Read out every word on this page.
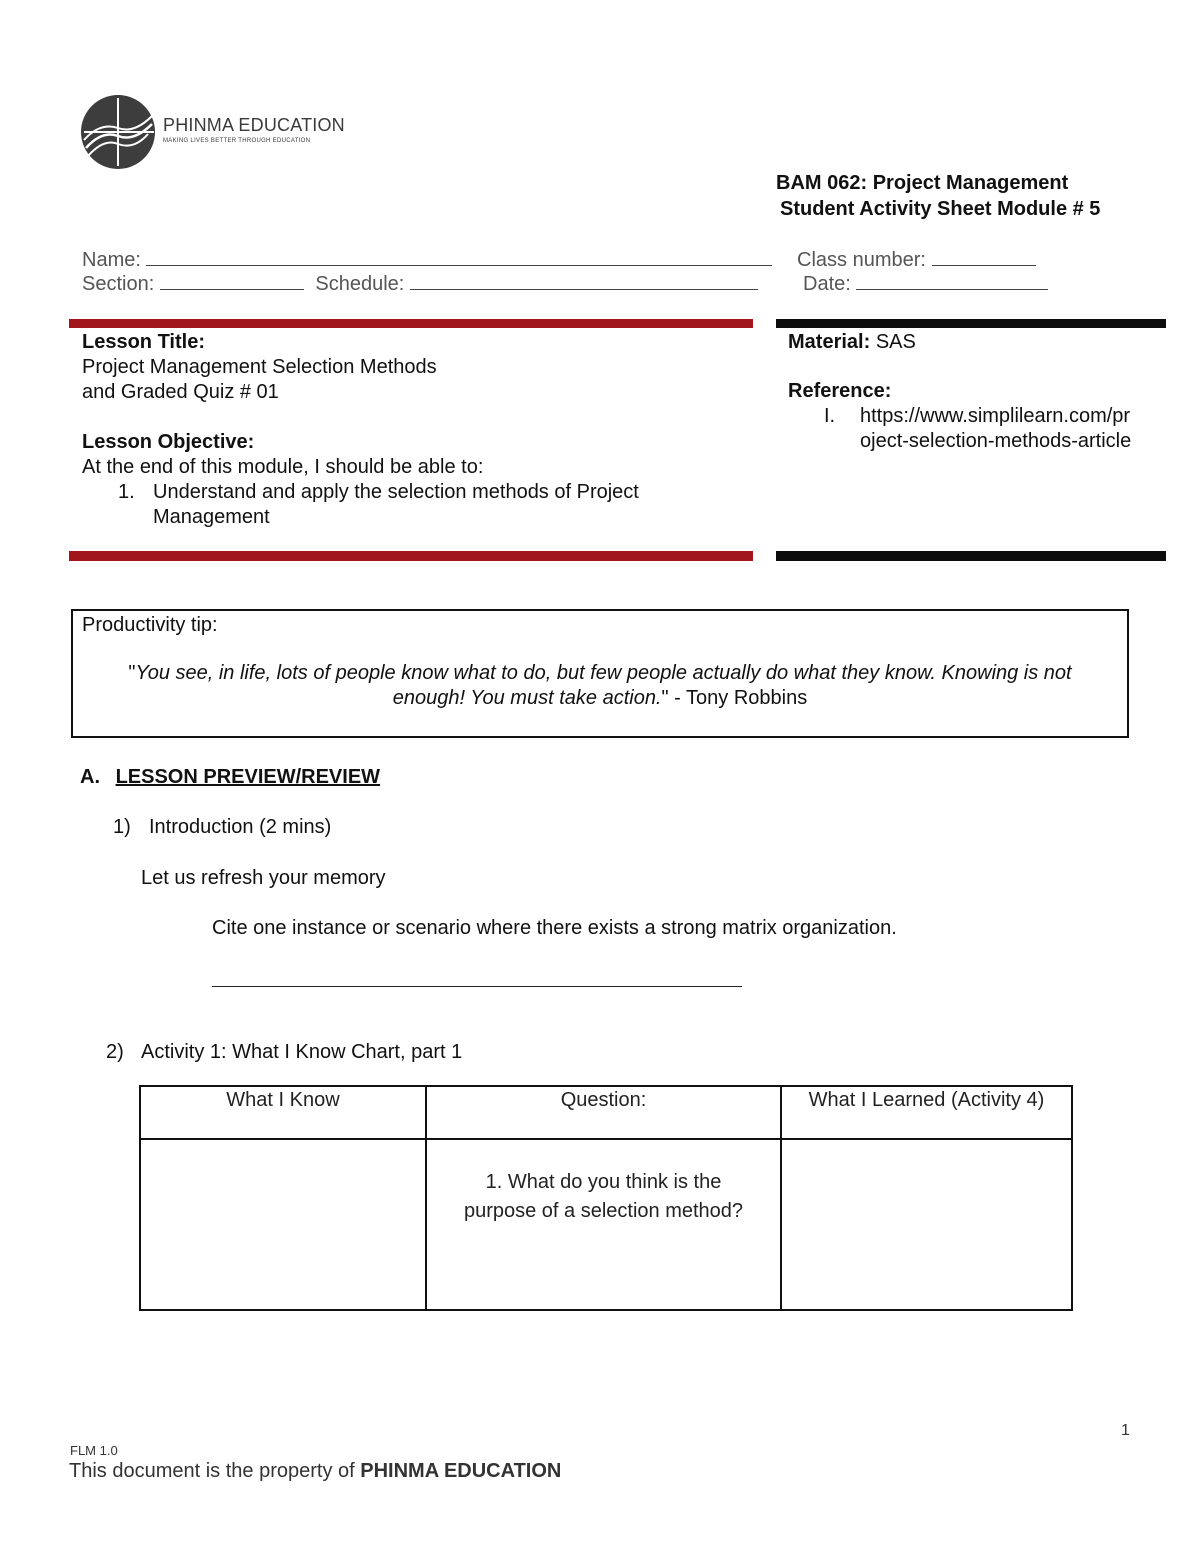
PHINMA EDUCATION
MAKING LIVES BETTER THROUGH EDUCATION
BAM 062: Project Management
Student Activity Sheet Module # 5
Name:	Class number:
Section:	Schedule:	Date:
Lesson Title:
Project Management Selection Methods
and Graded Quiz # 01
Lesson Objective:
At the end of this module, I should be able to:
1. Understand and apply the selection methods of Project
Management
Material: SAS
Reference:
I. https://www.simplilearn.com/pr
oject-selection-methods-article
Productivity tip:
"You see, in life, lots of people know what to do, but few people actually do what they know. Knowing is not
enough! You must take action." - Tony Robbins
A. LESSON PREVIEW/REVIEW
1) Introduction (2 mins)
Let us refresh your memory
Cite one instance or scenario where there exists a strong matrix organization.
2) Activity 1: What I Know Chart, part 1
What I Know	Question:	What I Learned (Activity 4)
	1. What do you think is the purpose of a selection method?	
1
FLM 1.0
This document is the property of PHINMA EDUCATION
